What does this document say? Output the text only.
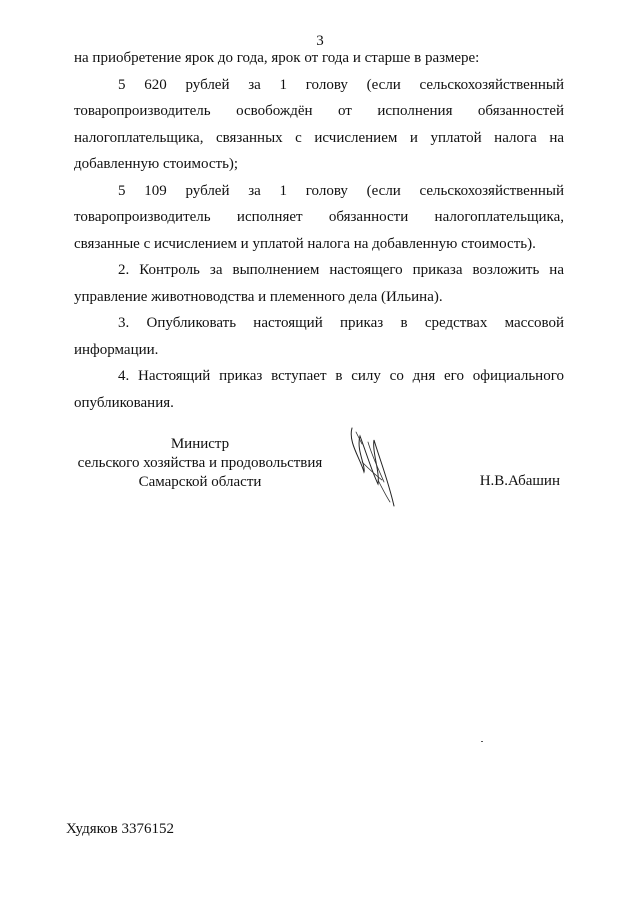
3

на приобретение ярок до года, ярок от года и старше в размере:

5 620 рублей за 1 голову (если сельскохозяйственный товаропроизводитель освобождён от исполнения обязанностей налогоплательщика, связанных с исчислением и уплатой налога на добавленную стоимость);

5 109 рублей за 1 голову (если сельскохозяйственный товаропроизводитель исполняет обязанности налогоплательщика, связанные с исчислением и уплатой налога на добавленную стоимость).

2. Контроль за выполнением настоящего приказа возложить на управление животноводства и племенного дела (Ильина).

3. Опубликовать настоящий приказ в средствах массовой информации.

4. Настоящий приказ вступает в силу со дня его официального опубликования.

Министр
сельского хозяйства и продовольствия
Самарской области	Н.В.Абашин
Худяков 3376152
